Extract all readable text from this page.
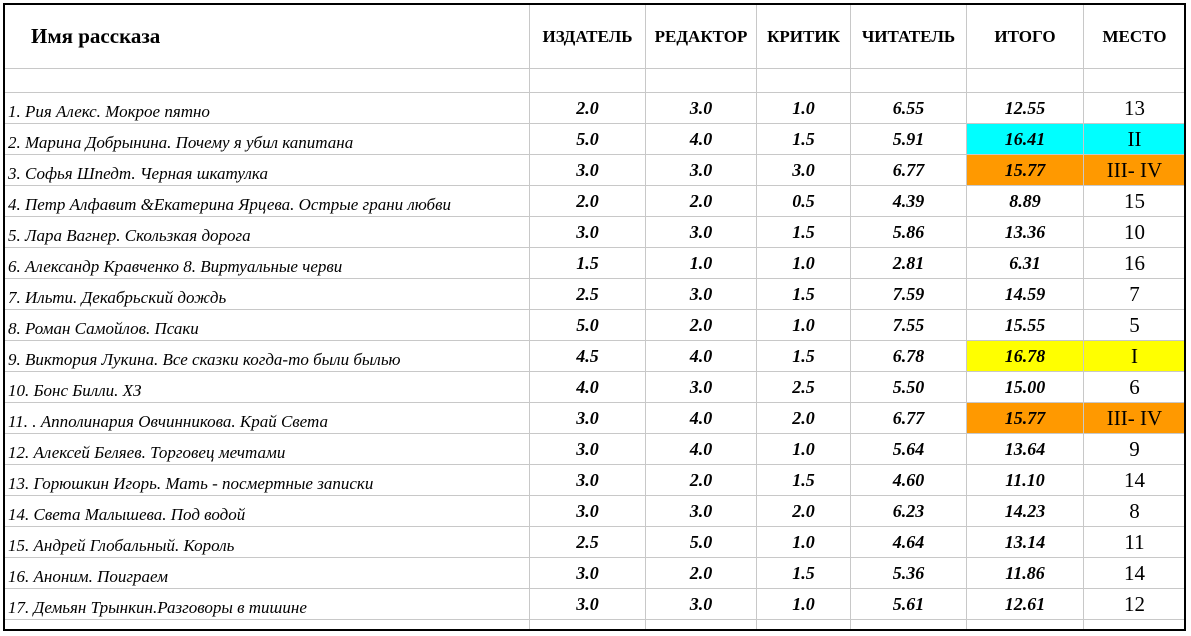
Имя рассказа	ИЗДАТЕЛЬ	РЕДАКТОР	КРИТИК	ЧИТАТЕЛЬ	ИТОГО	МЕСТО
1. Рия Алекс. Мокрое пятно	2.0	3.0	1.0	6.55	12.55	13
2. Марина Добрынина. Почему я убил капитана	5.0	4.0	1.5	5.91	16.41	II
3. Софья Шпедт. Черная шкатулка	3.0	3.0	3.0	6.77	15.77	III- IV
4. Петр Алфавит &Екатерина Ярцева. Острые грани любви	2.0	2.0	0.5	4.39	8.89	15
5. Лара Вагнер. Скользкая дорога	3.0	3.0	1.5	5.86	13.36	10
6. Александр Кравченко 8. Виртуальные черви	1.5	1.0	1.0	2.81	6.31	16
7. Ильти. Декабрьский дождь	2.5	3.0	1.5	7.59	14.59	7
8. Роман Самойлов. Псаки	5.0	2.0	1.0	7.55	15.55	5
9. Виктория Лукина. Все сказки когда-то были былью	4.5	4.0	1.5	6.78	16.78	I
10. Бонс Билли. ХЗ	4.0	3.0	2.5	5.50	15.00	6
11. . Апполинария Овчинникова. Край Света	3.0	4.0	2.0	6.77	15.77	III- IV
12. Алексей Беляев. Торговец мечтами	3.0	4.0	1.0	5.64	13.64	9
13. Горюшкин Игорь. Мать - посмертные записки	3.0	2.0	1.5	4.60	11.10	14
14. Света Малышева. Под водой	3.0	3.0	2.0	6.23	14.23	8
15. Андрей Глобальный. Король	2.5	5.0	1.0	4.64	13.14	11
16. Аноним. Поиграем	3.0	2.0	1.5	5.36	11.86	14
17. Демьян Трынкин.Разговоры в тишине	3.0	3.0	1.0	5.61	12.61	12
